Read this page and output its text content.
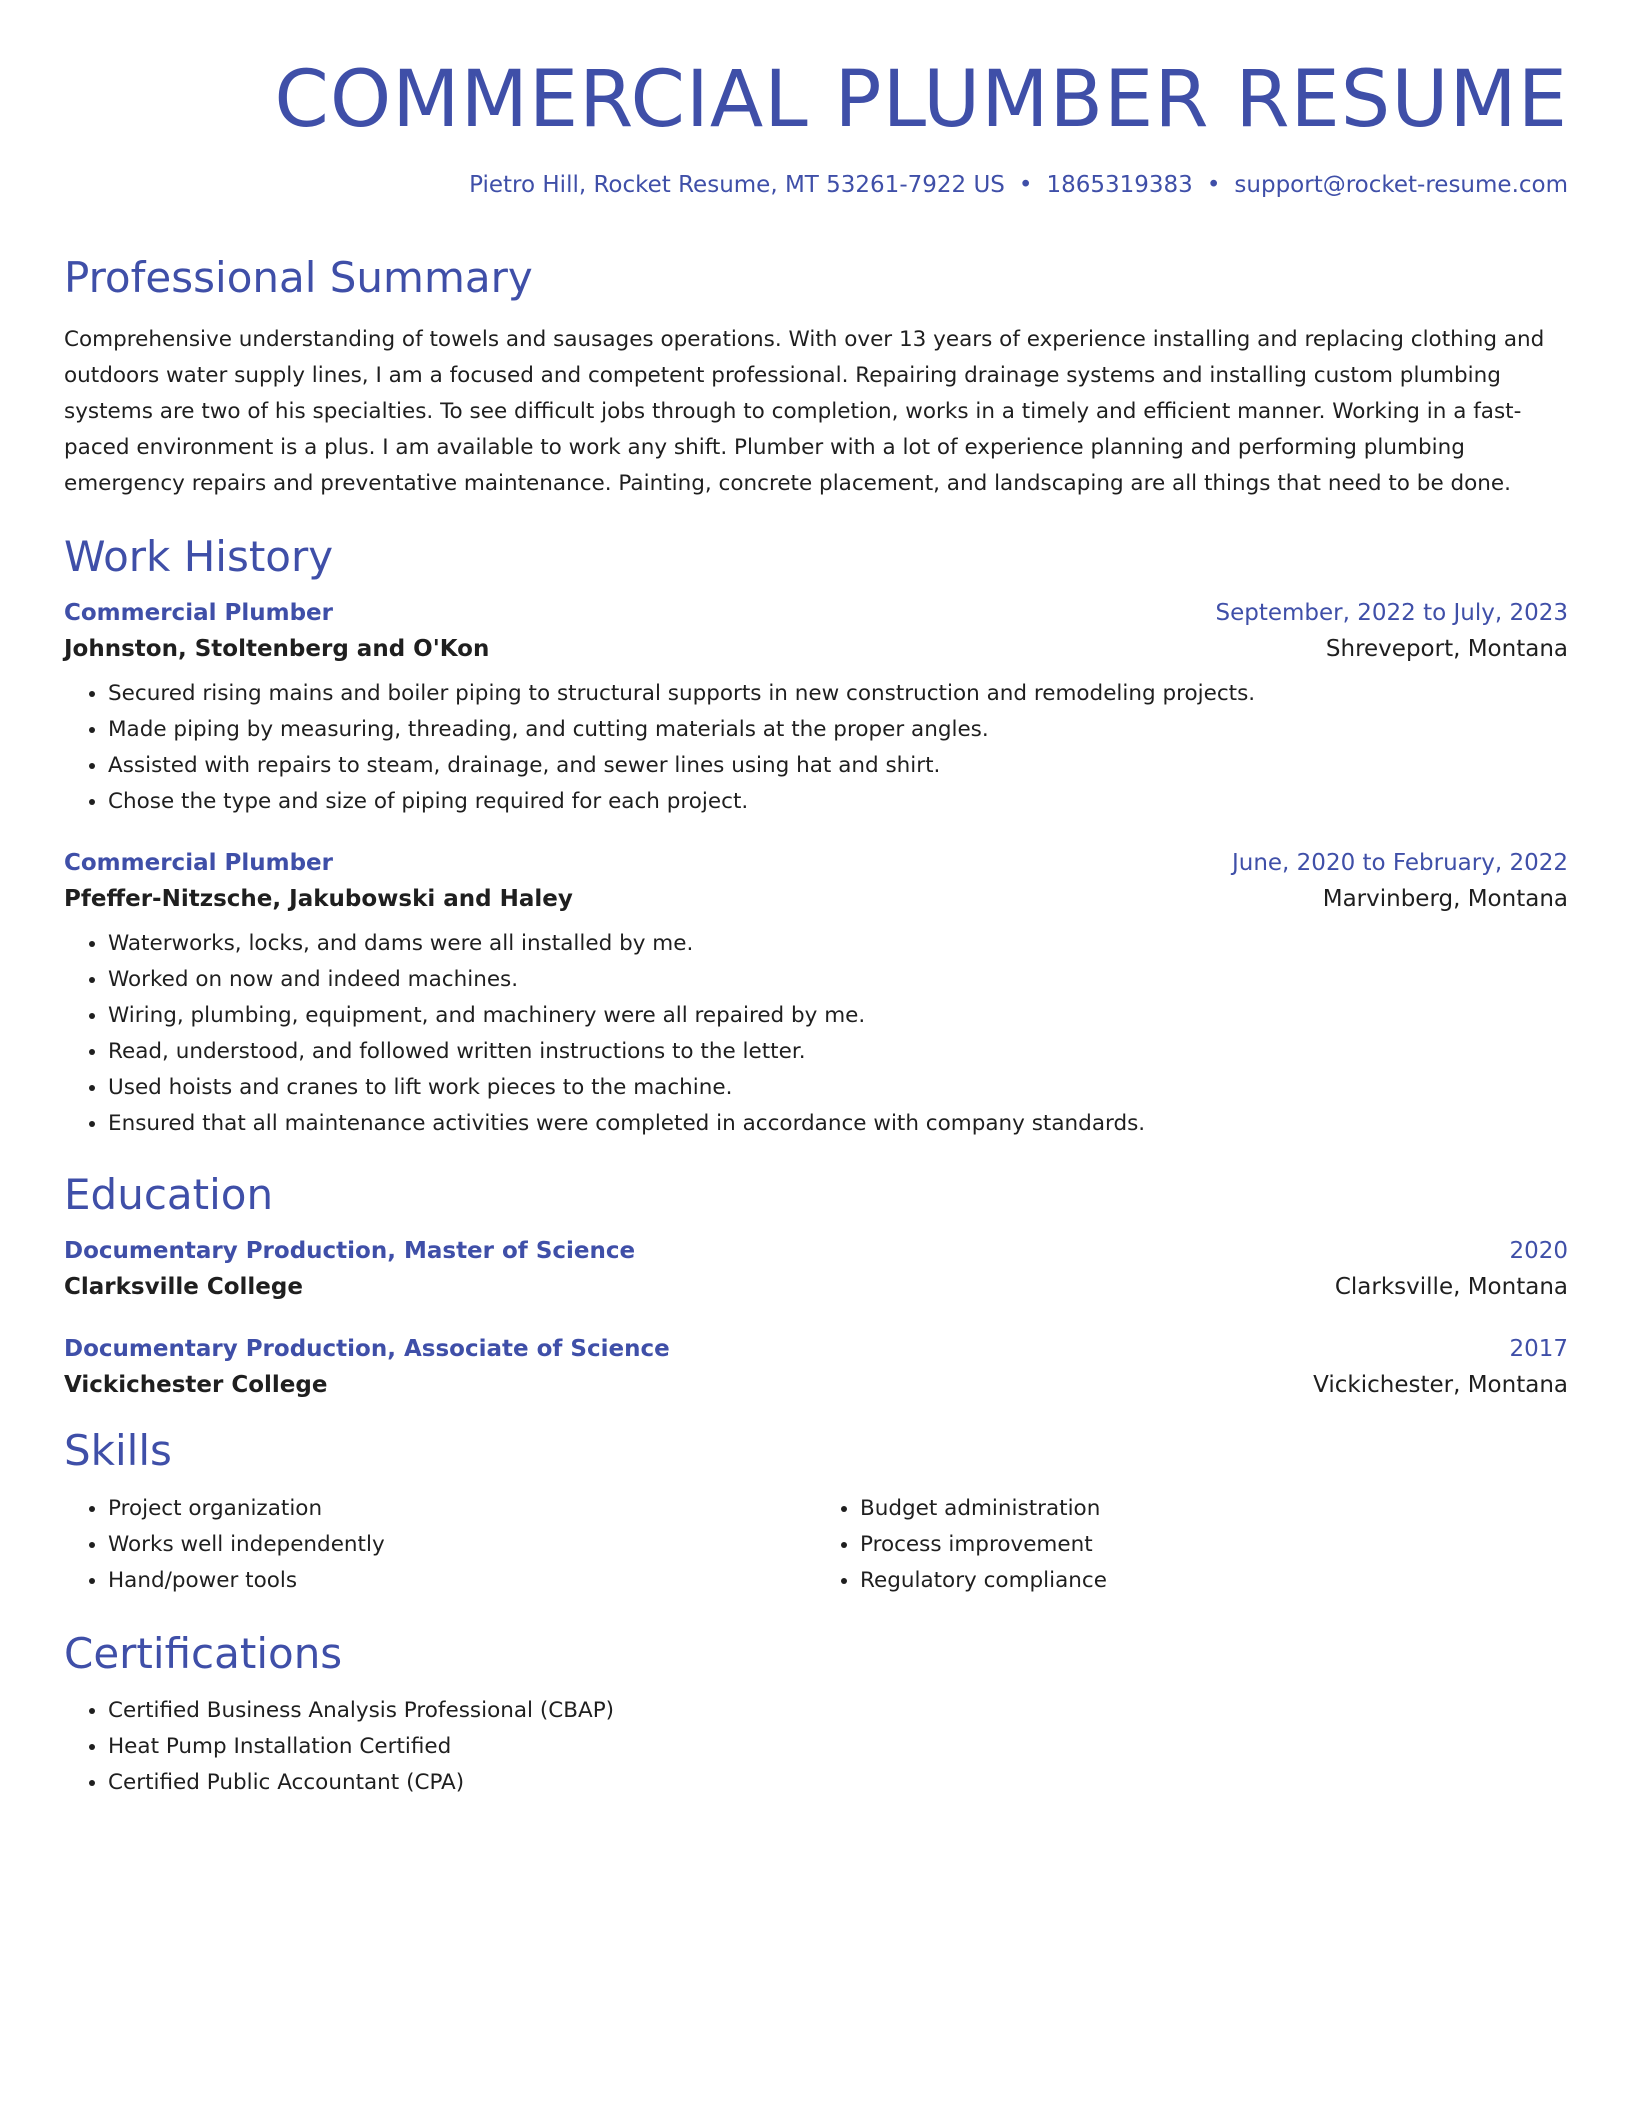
COMMERCIAL PLUMBER RESUME
Pietro Hill, Rocket Resume, MT 53261-7922 US • 1865319383 • support@rocket-resume.com
Professional Summary

Comprehensive understanding of towels and sausages operations. With over 13 years of experience installing and replacing clothing and outdoors water supply lines, I am a focused and competent professional. Repairing drainage systems and installing custom plumbing systems are two of his specialties. To see difficult jobs through to completion, works in a timely and efficient manner. Working in a fast-paced environment is a plus. I am available to work any shift. Plumber with a lot of experience planning and performing plumbing emergency repairs and preventative maintenance. Painting, concrete placement, and landscaping are all things that need to be done.

Work History
Commercial Plumber	September, 2022 to July, 2023
Johnston, Stoltenberg and O'Kon	Shreveport, Montana
• Secured rising mains and boiler piping to structural supports in new construction and remodeling projects.
• Made piping by measuring, threading, and cutting materials at the proper angles.
• Assisted with repairs to steam, drainage, and sewer lines using hat and shirt.
• Chose the type and size of piping required for each project.
Commercial Plumber	June, 2020 to February, 2022
Pfeffer-Nitzsche, Jakubowski and Haley	Marvinberg, Montana
• Waterworks, locks, and dams were all installed by me.
• Worked on now and indeed machines.
• Wiring, plumbing, equipment, and machinery were all repaired by me.
• Read, understood, and followed written instructions to the letter.
• Used hoists and cranes to lift work pieces to the machine.
• Ensured that all maintenance activities were completed in accordance with company standards.
Education
Documentary Production, Master of Science	2020
Clarksville College	Clarksville, Montana
Documentary Production, Associate of Science	2017
Vickichester College	Vickichester, Montana
Skills
• Project organization
• Works well independently
• Hand/power tools
• Budget administration
• Process improvement
• Regulatory compliance
Certifications
• Certified Business Analysis Professional (CBAP)
• Heat Pump Installation Certified
• Certified Public Accountant (CPA)
